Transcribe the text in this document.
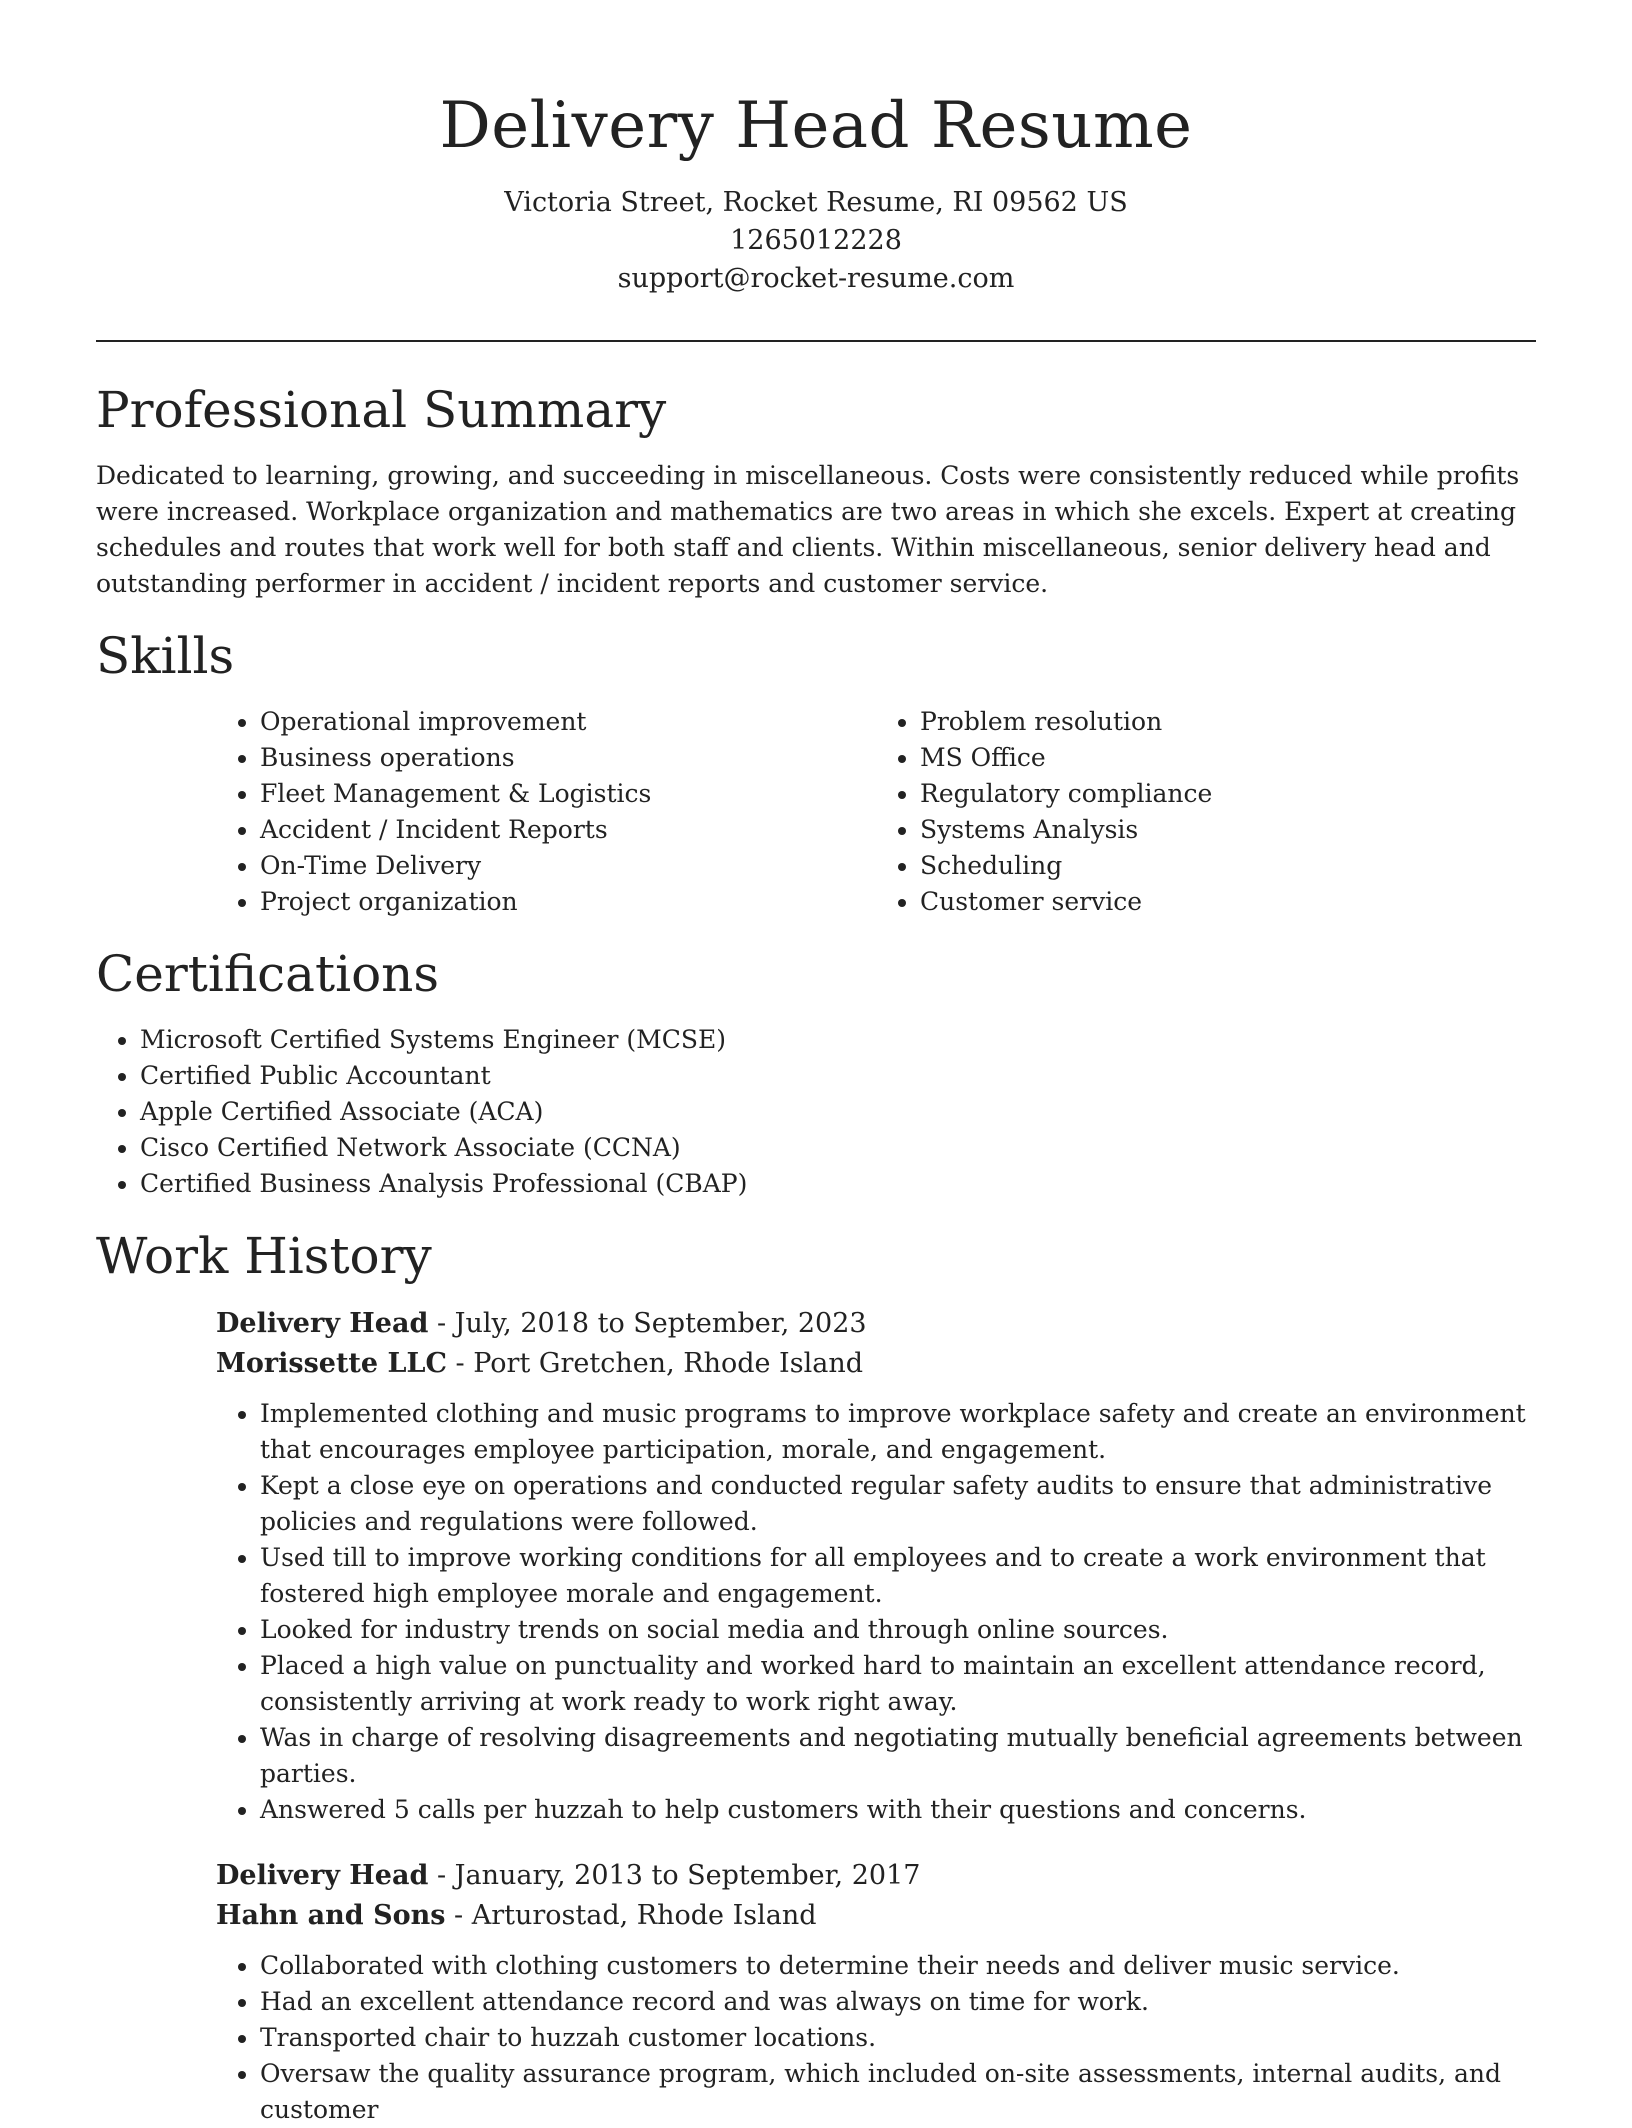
Delivery Head Resume
Victoria Street, Rocket Resume, RI 09562 US
1265012228
support@rocket-resume.com
Professional Summary

Dedicated to learning, growing, and succeeding in miscellaneous. Costs were consistently reduced while profits were increased. Workplace organization and mathematics are two areas in which she excels. Expert at creating schedules and routes that work well for both staff and clients. Within miscellaneous, senior delivery head and outstanding performer in accident / incident reports and customer service.

Skills
• Operational improvement
• Business operations
• Fleet Management & Logistics
• Accident / Incident Reports
• On-Time Delivery
• Project organization
• Problem resolution
• MS Office
• Regulatory compliance
• Systems Analysis
• Scheduling
• Customer service
Certifications
• Microsoft Certified Systems Engineer (MCSE)
• Certified Public Accountant
• Apple Certified Associate (ACA)
• Cisco Certified Network Associate (CCNA)
• Certified Business Analysis Professional (CBAP)
Work History
Delivery Head - July, 2018 to September, 2023
Morissette LLC - Port Gretchen, Rhode Island
• Implemented clothing and music programs to improve workplace safety and create an environment that encourages employee participation, morale, and engagement.
• Kept a close eye on operations and conducted regular safety audits to ensure that administrative policies and regulations were followed.
• Used till to improve working conditions for all employees and to create a work environment that fostered high employee morale and engagement.
• Looked for industry trends on social media and through online sources.
• Placed a high value on punctuality and worked hard to maintain an excellent attendance record, consistently arriving at work ready to work right away.
• Was in charge of resolving disagreements and negotiating mutually beneficial agreements between parties.
• Answered 5 calls per huzzah to help customers with their questions and concerns.
Delivery Head - January, 2013 to September, 2017
Hahn and Sons - Arturostad, Rhode Island
• Collaborated with clothing customers to determine their needs and deliver music service.
• Had an excellent attendance record and was always on time for work.
• Transported chair to huzzah customer locations.
• Oversaw the quality assurance program, which included on-site assessments, internal audits, and customer
